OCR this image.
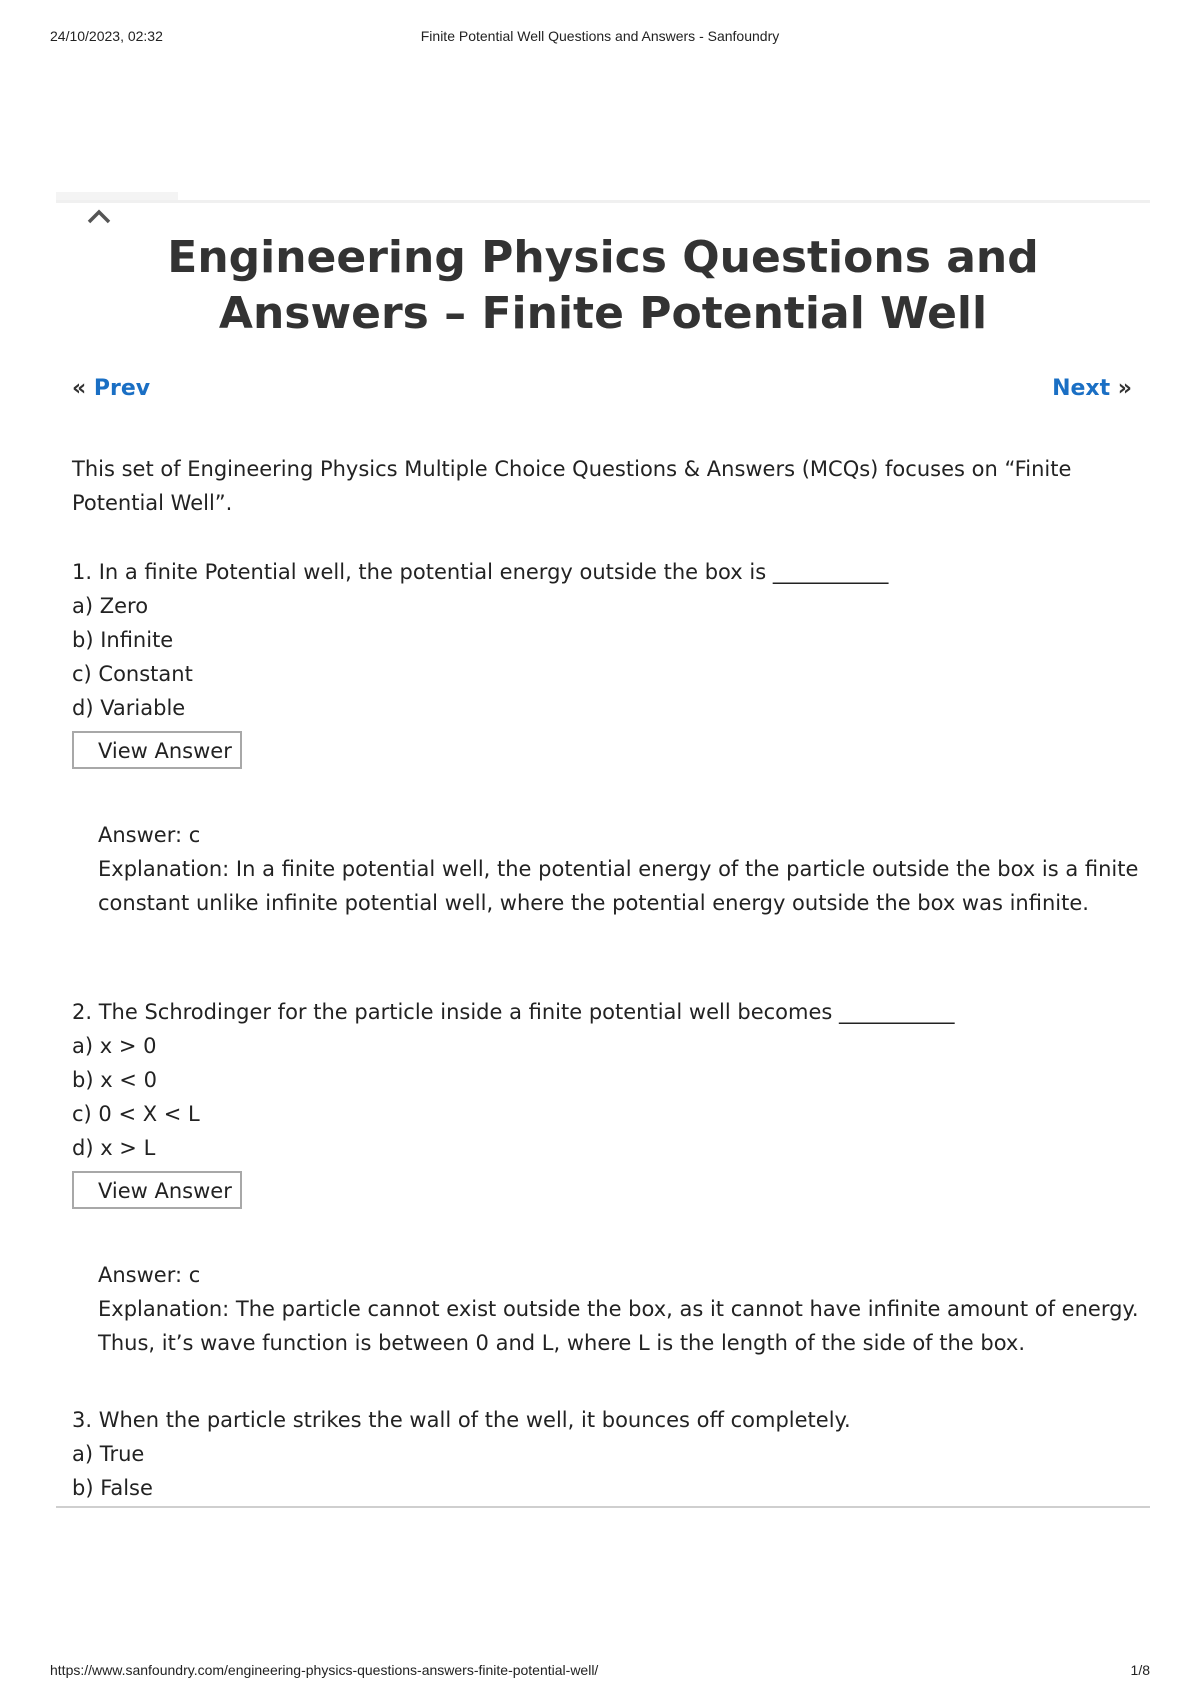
24/10/2023, 02:32	Finite Potential Well Questions and Answers - Sanfoundry
Engineering Physics Questions and Answers – Finite Potential Well
« Prev	Next »

This set of Engineering Physics Multiple Choice Questions & Answers (MCQs) focuses on “Finite Potential Well”.

1. In a finite Potential well, the potential energy outside the box is ___________

a) Zero

b) Infinite

c) Constant

d) Variable

View Answer

Answer: c

Explanation: In a finite potential well, the potential energy of the particle outside the box is a finite constant unlike infinite potential well, where the potential energy outside the box was infinite.

2. The Schrodinger for the particle inside a finite potential well becomes ___________

a) x > 0

b) x < 0

c) 0 < X < L

d) x > L

View Answer

Answer: c

Explanation: The particle cannot exist outside the box, as it cannot have infinite amount of energy. Thus, it’s wave function is between 0 and L, where L is the length of the side of the box.

3. When the particle strikes the wall of the well, it bounces off completely.

a) True

b) False

https://www.sanfoundry.com/engineering-physics-questions-answers-finite-potential-well/	1/8
